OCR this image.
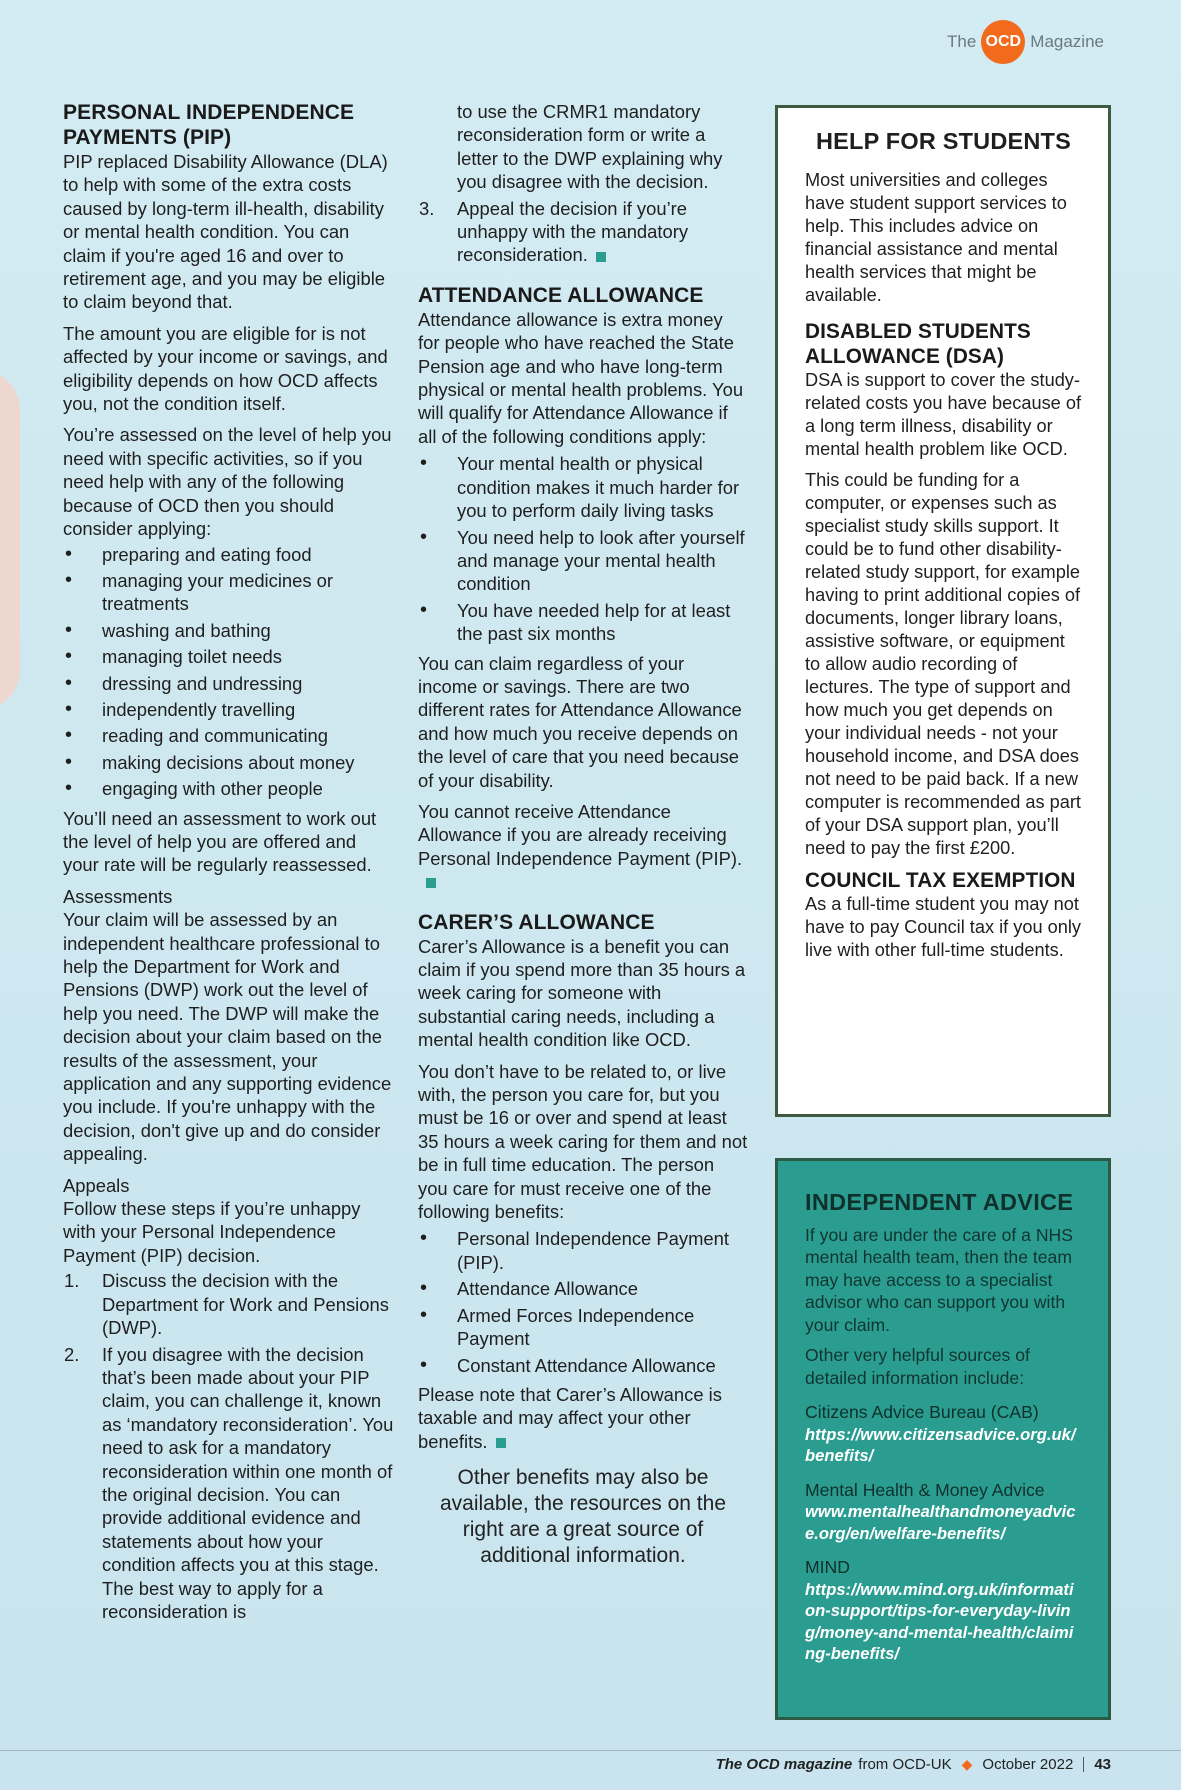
The OCD Magazine
PERSONAL INDEPENDENCE PAYMENTS (PIP)

PIP replaced Disability Allowance (DLA) to help with some of the extra costs caused by long-term ill-health, disability or mental health condition. You can claim if you're aged 16 and over to retirement age, and you may be eligible to claim beyond that.

The amount you are eligible for is not affected by your income or savings, and eligibility depends on how OCD affects you, not the condition itself.

You’re assessed on the level of help you need with specific activities, so if you need help with any of the following because of OCD then you should consider applying:

• preparing and eating food
• managing your medicines or treatments
• washing and bathing
• managing toilet needs
• dressing and undressing
• independently travelling
• reading and communicating
• making decisions about money
• engaging with other people

You’ll need an assessment to work out the level of help you are offered and your rate will be regularly reassessed.

Assessments

Your claim will be assessed by an independent healthcare professional to help the Department for Work and Pensions (DWP) work out the level of help you need. The DWP will make the decision about your claim based on the results of the assessment, your application and any supporting evidence you include. If you're unhappy with the decision, don't give up and do consider appealing.

Appeals

Follow these steps if you’re unhappy with your Personal Independence Payment (PIP) decision.

1. Discuss the decision with the Department for Work and Pensions (DWP).
2. If you disagree with the decision that’s been made about your PIP claim, you can challenge it, known as ‘mandatory reconsideration’. You need to ask for a mandatory reconsideration within one month of the original decision. You can provide additional evidence and statements about how your condition affects you at this stage. The best way to apply for a reconsideration is
to use the CRMR1 mandatory reconsideration form or write a letter to the DWP explaining why you disagree with the decision.
3. Appeal the decision if you’re unhappy with the mandatory reconsideration.
ATTENDANCE ALLOWANCE

Attendance allowance is extra money for people who have reached the State Pension age and who have long-term physical or mental health problems. You will qualify for Attendance Allowance if all of the following conditions apply:

• Your mental health or physical condition makes it much harder for you to perform daily living tasks
• You need help to look after yourself and manage your mental health condition
• You have needed help for at least the past six months

You can claim regardless of your income or savings. There are two different rates for Attendance Allowance and how much you receive depends on the level of care that you need because of your disability.

You cannot receive Attendance Allowance if you are already receiving Personal Independence Payment (PIP).

CARER’S ALLOWANCE

Carer’s Allowance is a benefit you can claim if you spend more than 35 hours a week caring for someone with substantial caring needs, including a mental health condition like OCD.

You don’t have to be related to, or live with, the person you care for, but you must be 16 or over and spend at least 35 hours a week caring for them and not be in full time education. The person you care for must receive one of the following benefits:

• Personal Independence Payment (PIP).
• Attendance Allowance
• Armed Forces Independence Payment
• Constant Attendance Allowance

Please note that Carer’s Allowance is taxable and may affect your other benefits.

Other benefits may also be available, the resources on the right are a great source of additional information.
HELP FOR STUDENTS

Most universities and colleges have student support services to help. This includes advice on financial assistance and mental health services that might be available.

DISABLED STUDENTS ALLOWANCE (DSA)

DSA is support to cover the study-related costs you have because of a long term illness, disability or mental health problem like OCD.

This could be funding for a computer, or expenses such as specialist study skills support. It could be to fund other disability-related study support, for example having to print additional copies of documents, longer library loans, assistive software, or equipment to allow audio recording of lectures. The type of support and how much you get depends on your individual needs - not your household income, and DSA does not need to be paid back. If a new computer is recommended as part of your DSA support plan, you’ll need to pay the first £200.

COUNCIL TAX EXEMPTION

As a full-time student you may not have to pay Council tax if you only live with other full-time students.

INDEPENDENT ADVICE

If you are under the care of a NHS mental health team, then the team may have access to a specialist advisor who can support you with your claim.

Other very helpful sources of detailed information include:

Citizens Advice Bureau (CAB)
https://www.citizensadvice.org.uk/benefits/
Mental Health & Money Advice
www.mentalhealthandmoneyadvice.org/en/welfare-benefits/
MIND
https://www.mind.org.uk/information-support/tips-for-everyday-living/money-and-mental-health/claiming-benefits/
The OCD magazine from OCD-UK ◆ October 2022 43
